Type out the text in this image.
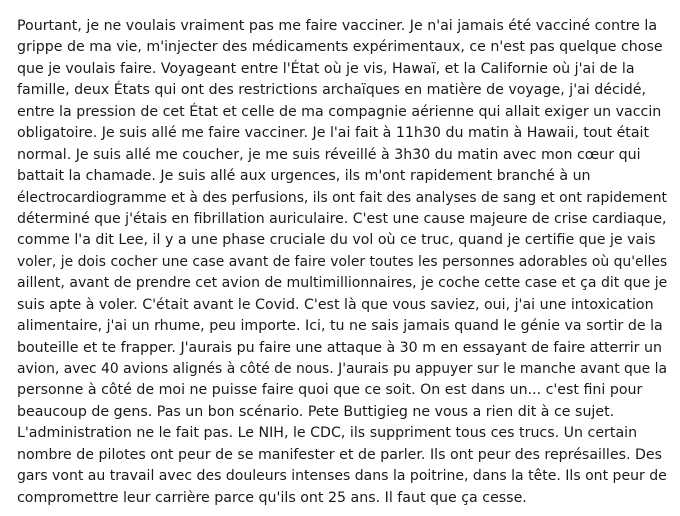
Pourtant, je ne voulais vraiment pas me faire vacciner. Je n'ai jamais été vacciné contre la
grippe de ma vie, m'injecter des médicaments expérimentaux, ce n'est pas quelque chose
que je voulais faire. Voyageant entre l'État où je vis, Hawaï, et la Californie où j'ai de la
famille, deux États qui ont des restrictions archaïques en matière de voyage, j'ai décidé,
entre la pression de cet État et celle de ma compagnie aérienne qui allait exiger un vaccin
obligatoire. Je suis allé me faire vacciner. Je l'ai fait à 11h30 du matin à Hawaii, tout était
normal. Je suis allé me coucher, je me suis réveillé à 3h30 du matin avec mon cœur qui
battait la chamade. Je suis allé aux urgences, ils m'ont rapidement branché à un
électrocardiogramme et à des perfusions, ils ont fait des analyses de sang et ont rapidement
déterminé que j'étais en fibrillation auriculaire. C'est une cause majeure de crise cardiaque,
comme l'a dit Lee, il y a une phase cruciale du vol où ce truc, quand je certifie que je vais
voler, je dois cocher une case avant de faire voler toutes les personnes adorables où qu'elles
aillent, avant de prendre cet avion de multimillionnaires, je coche cette case et ça dit que je
suis apte à voler. C'était avant le Covid. C'est là que vous saviez, oui, j'ai une intoxication
alimentaire, j'ai un rhume, peu importe. Ici, tu ne sais jamais quand le génie va sortir de la
bouteille et te frapper. J'aurais pu faire une attaque à 30 m en essayant de faire atterrir un
avion, avec 40 avions alignés à côté de nous. J'aurais pu appuyer sur le manche avant que la
personne à côté de moi ne puisse faire quoi que ce soit. On est dans un... c'est fini pour
beaucoup de gens. Pas un bon scénario. Pete Buttigieg ne vous a rien dit à ce sujet.
L'administration ne le fait pas. Le NIH, le CDC, ils suppriment tous ces trucs. Un certain
nombre de pilotes ont peur de se manifester et de parler. Ils ont peur des représailles. Des
gars vont au travail avec des douleurs intenses dans la poitrine, dans la tête. Ils ont peur de
compromettre leur carrière parce qu'ils ont 25 ans. Il faut que ça cesse.
